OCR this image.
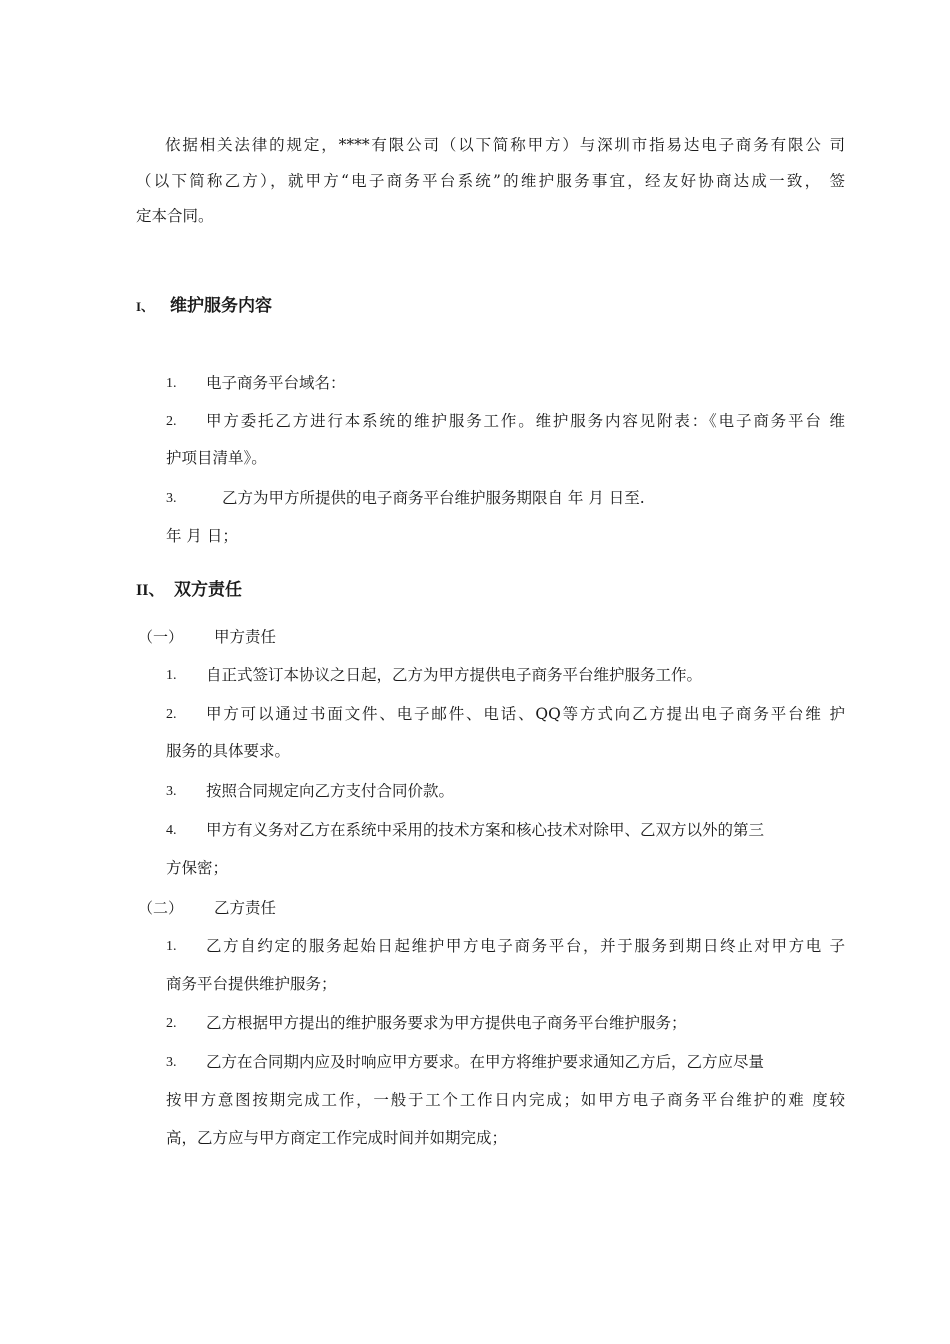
依据相关法律的规定，****有限公司（以下简称甲方）与深圳市指易达电子商务有限公 司
（以下简称乙方），就甲方“电子商务平台系统”的维护服务事宜，经友好协商达成一致， 签
定本合同。
I、 维护服务内容
1. 电子商务平台域名：
2. 甲方委托乙方进行本系统的维护服务工作。维护服务内容见附表：《电子商务平台 维
护项目清单》。
3.	乙方为甲方所提供的电子商务平台维护服务期限自 年 月 日至.
年 月 日；
II、 双方责任
（一） 甲方责任
1. 自正式签订本协议之日起，乙方为甲方提供电子商务平台维护服务工作。
2. 甲方可以通过书面文件、电子邮件、电话、QQ等方式向乙方提出电子商务平台维 护
服务的具体要求。
3. 按照合同规定向乙方支付合同价款。
4. 甲方有义务对乙方在系统中采用的技术方案和核心技术对除甲、乙双方以外的第三
方保密；
（二） 乙方责任
1. 乙方自约定的服务起始日起维护甲方电子商务平台，并于服务到期日终止对甲方电 子
商务平台提供维护服务；
2. 乙方根据甲方提出的维护服务要求为甲方提供电子商务平台维护服务；
3. 乙方在合同期内应及时响应甲方要求。在甲方将维护要求通知乙方后，乙方应尽量
按甲方意图按期完成工作，一般于工个工作日内完成；如甲方电子商务平台维护的难 度较
高，乙方应与甲方商定工作完成时间并如期完成；
